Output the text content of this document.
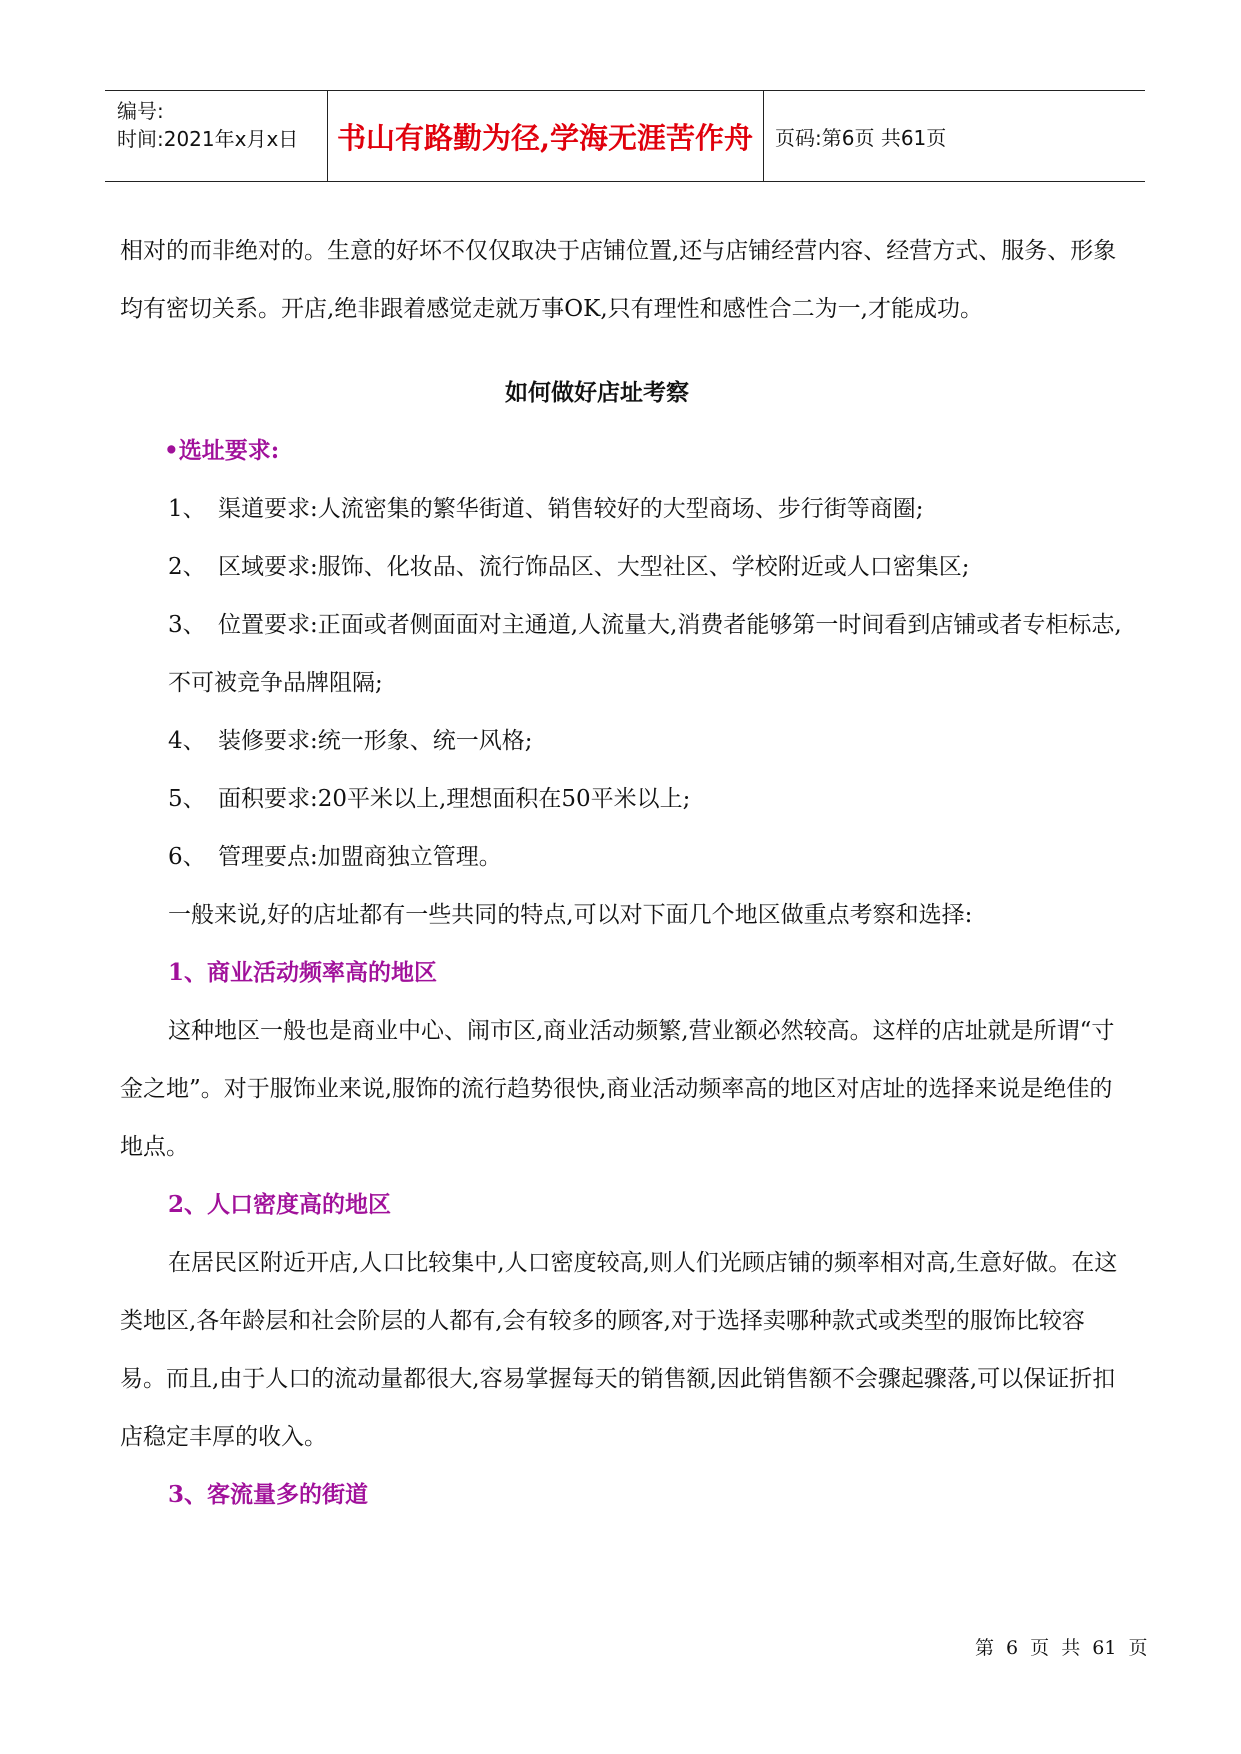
编号:
时间:2021年x月x日	书山有路勤为径,学海无涯苦作舟	页码:第6页 共61页

相对的而非绝对的。生意的好坏不仅仅取决于店铺位置,还与店铺经营内容、经营方式、服务、形象均有密切关系。开店,绝非跟着感觉走就万事OK,只有理性和感性合二为一,才能成功。

如何做好店址考察

•选址要求:

1、 渠道要求:人流密集的繁华街道、销售较好的大型商场、步行街等商圈;

2、 区域要求:服饰、化妆品、流行饰品区、大型社区、学校附近或人口密集区;

3、 位置要求:正面或者侧面面对主通道,人流量大,消费者能够第一时间看到店铺或者专柜标志,不可被竞争品牌阻隔;

4、 装修要求:统一形象、统一风格;

5、 面积要求:20平米以上,理想面积在50平米以上;

6、 管理要点:加盟商独立管理。

一般来说,好的店址都有一些共同的特点,可以对下面几个地区做重点考察和选择:

1、商业活动频率高的地区

这种地区一般也是商业中心、闹市区,商业活动频繁,营业额必然较高。这样的店址就是所谓“寸金之地”。对于服饰业来说,服饰的流行趋势很快,商业活动频率高的地区对店址的选择来说是绝佳的地点。

2、人口密度高的地区

在居民区附近开店,人口比较集中,人口密度较高,则人们光顾店铺的频率相对高,生意好做。在这类地区,各年龄层和社会阶层的人都有,会有较多的顾客,对于选择卖哪种款式或类型的服饰比较容易。而且,由于人口的流动量都很大,容易掌握每天的销售额,因此销售额不会骤起骤落,可以保证折扣店稳定丰厚的收入。

3、客流量多的街道

第 6 页 共 61 页
